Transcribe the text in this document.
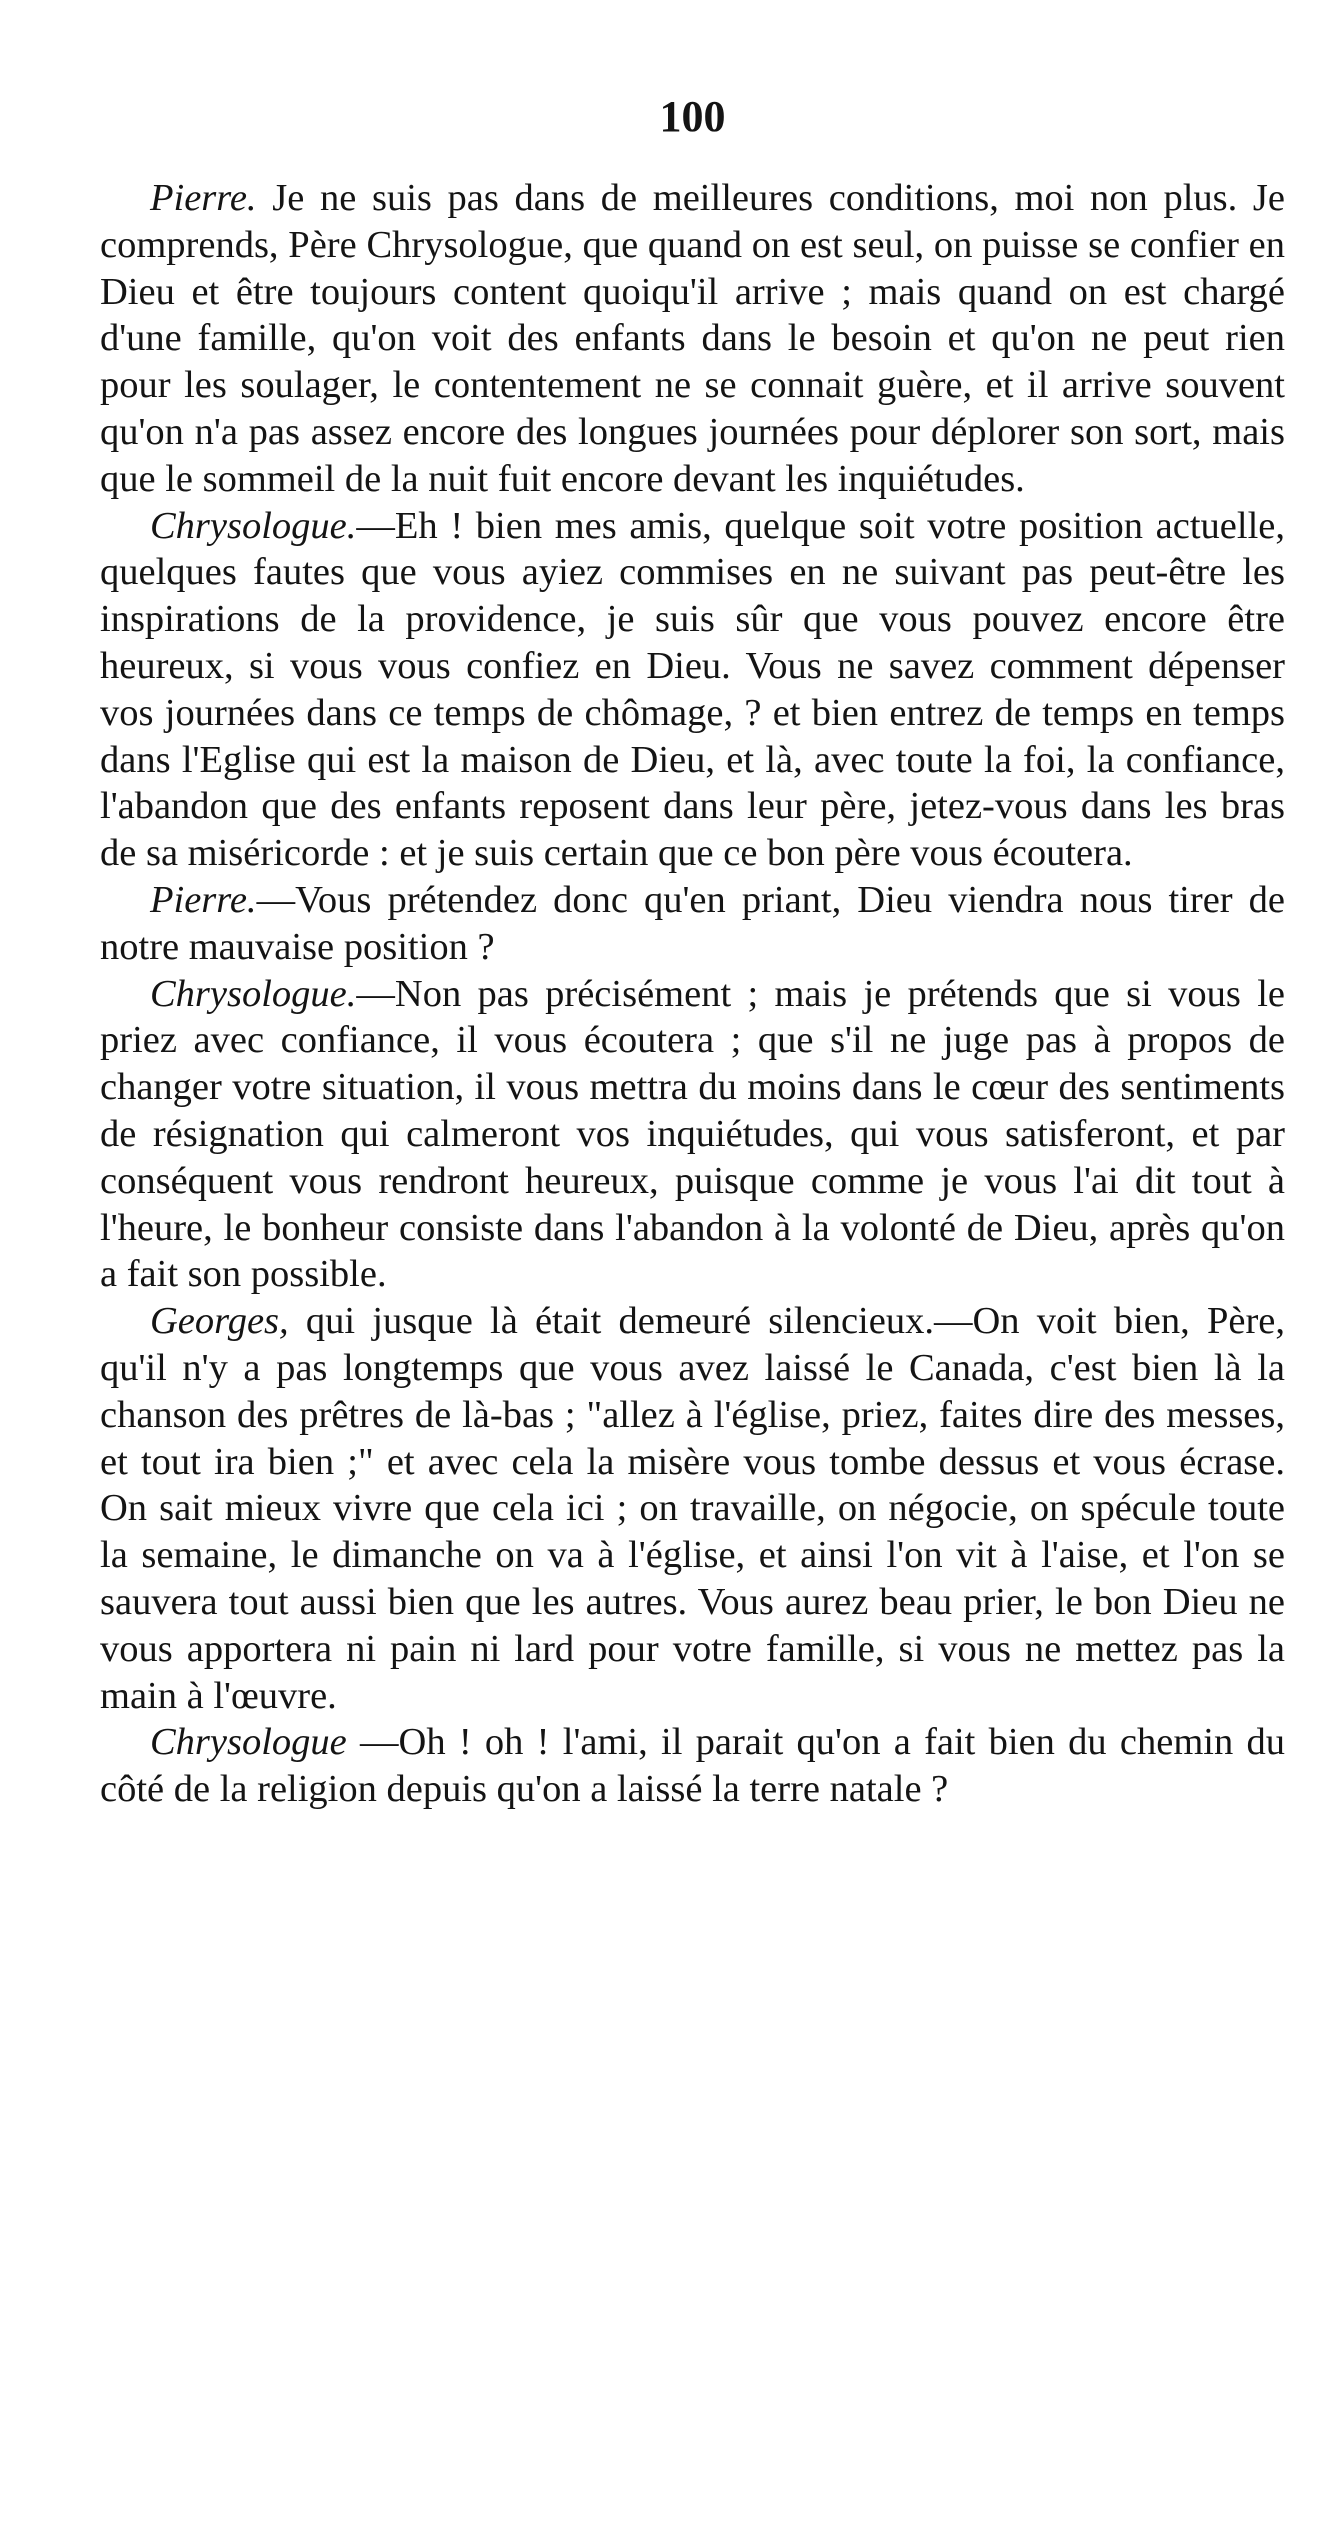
100

Pierre. Je ne suis pas dans de meilleures conditions, moi non plus. Je comprends, Père Chrysologue, que quand on est seul, on puisse se confier en Dieu et être toujours content quoiqu'il arrive ; mais quand on est chargé d'une famille, qu'on voit des enfants dans le besoin et qu'on ne peut rien pour les soulager, le contentement ne se connait guère, et il arrive souvent qu'on n'a pas assez encore des longues journées pour déplorer son sort, mais que le sommeil de la nuit fuit encore devant les inquiétudes.

Chrysologue.—Eh ! bien mes amis, quelque soit votre position actuelle, quelques fautes que vous ayiez commises en ne suivant pas peut-être les inspirations de la providence, je suis sûr que vous pouvez encore être heureux, si vous vous confiez en Dieu. Vous ne savez comment dépenser vos journées dans ce temps de chômage, ? et bien entrez de temps en temps dans l'Eglise qui est la maison de Dieu, et là, avec toute la foi, la confiance, l'abandon que des enfants reposent dans leur père, jetez-vous dans les bras de sa miséricorde : et je suis certain que ce bon père vous écoutera.

Pierre.—Vous prétendez donc qu'en priant, Dieu viendra nous tirer de notre mauvaise position ?

Chrysologue.—Non pas précisément ; mais je prétends que si vous le priez avec confiance, il vous écoutera ; que s'il ne juge pas à propos de changer votre situation, il vous mettra du moins dans le cœur des sentiments de résignation qui calmeront vos inquiétudes, qui vous satisferont, et par conséquent vous rendront heureux, puisque comme je vous l'ai dit tout à l'heure, le bonheur consiste dans l'abandon à la volonté de Dieu, après qu'on a fait son possible.

Georges, qui jusque là était demeuré silencieux.—On voit bien, Père, qu'il n'y a pas longtemps que vous avez laissé le Canada, c'est bien là la chanson des prêtres de là-bas ; "allez à l'église, priez, faites dire des messes, et tout ira bien ;" et avec cela la misère vous tombe dessus et vous écrase. On sait mieux vivre que cela ici ; on travaille, on négocie, on spécule toute la semaine, le dimanche on va à l'église, et ainsi l'on vit à l'aise, et l'on se sauvera tout aussi bien que les autres. Vous aurez beau prier, le bon Dieu ne vous apportera ni pain ni lard pour votre famille, si vous ne mettez pas la main à l'œuvre.

Chrysologue —Oh ! oh ! l'ami, il parait qu'on a fait bien du chemin du côté de la religion depuis qu'on a laissé la terre natale ?
